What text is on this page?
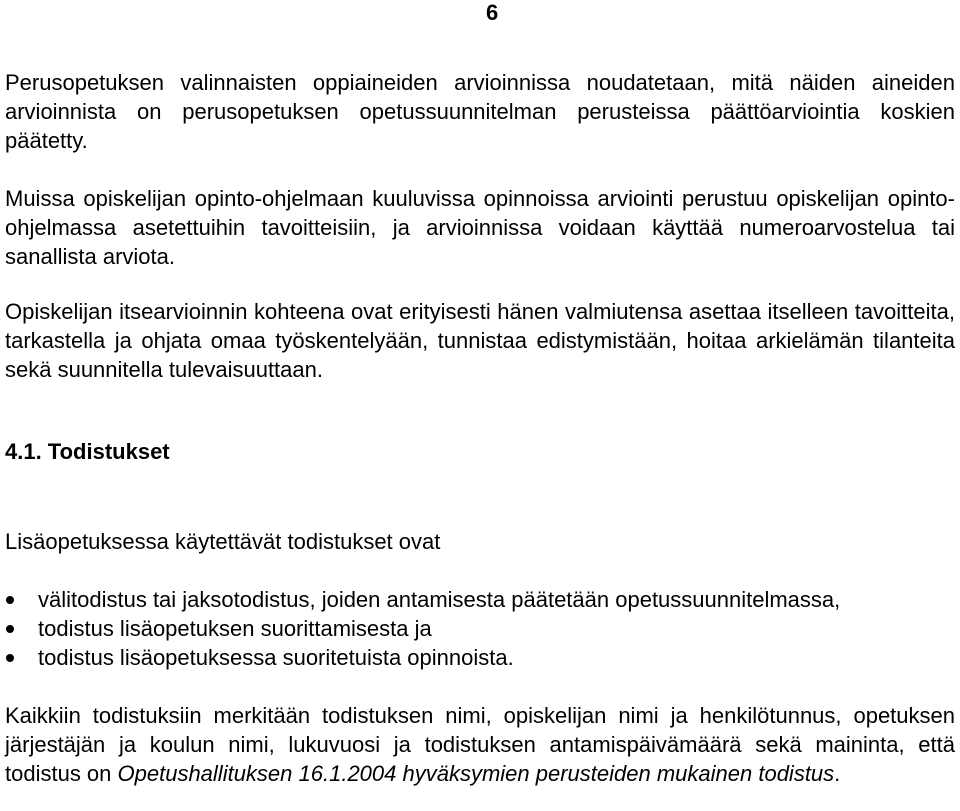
6

Perusopetuksen valinnaisten oppiaineiden arvioinnissa noudatetaan, mitä näiden aineiden arvioinnista on perusopetuksen opetussuunnitelman perusteissa päättöarviointia koskien päätetty.

Muissa opiskelijan opinto-ohjelmaan kuuluvissa opinnoissa arviointi perustuu opiskelijan opinto-ohjelmassa asetettuihin tavoitteisiin, ja arvioinnissa voidaan käyttää numeroarvostelua tai sanallista arviota.

Opiskelijan itsearvioinnin kohteena ovat erityisesti hänen valmiutensa asettaa itselleen tavoitteita, tarkastella ja ohjata omaa työskentelyään, tunnistaa edistymistään, hoitaa arkielämän tilanteita sekä suunnitella tulevaisuuttaan.

4.1. Todistukset

Lisäopetuksessa käytettävät todistukset ovat

välitodistus tai jaksotodistus, joiden antamisesta päätetään opetussuunnitelmassa,
todistus lisäopetuksen suorittamisesta ja
todistus lisäopetuksessa suoritetuista opinnoista.

Kaikkiin todistuksiin merkitään todistuksen nimi, opiskelijan nimi ja henkilötunnus, opetuksen järjestäjän ja koulun nimi, lukuvuosi ja todistuksen antamispäivämäärä sekä maininta, että todistus on Opetushallituksen 16.1.2004 hyväksymien perusteiden mukainen todistus.
